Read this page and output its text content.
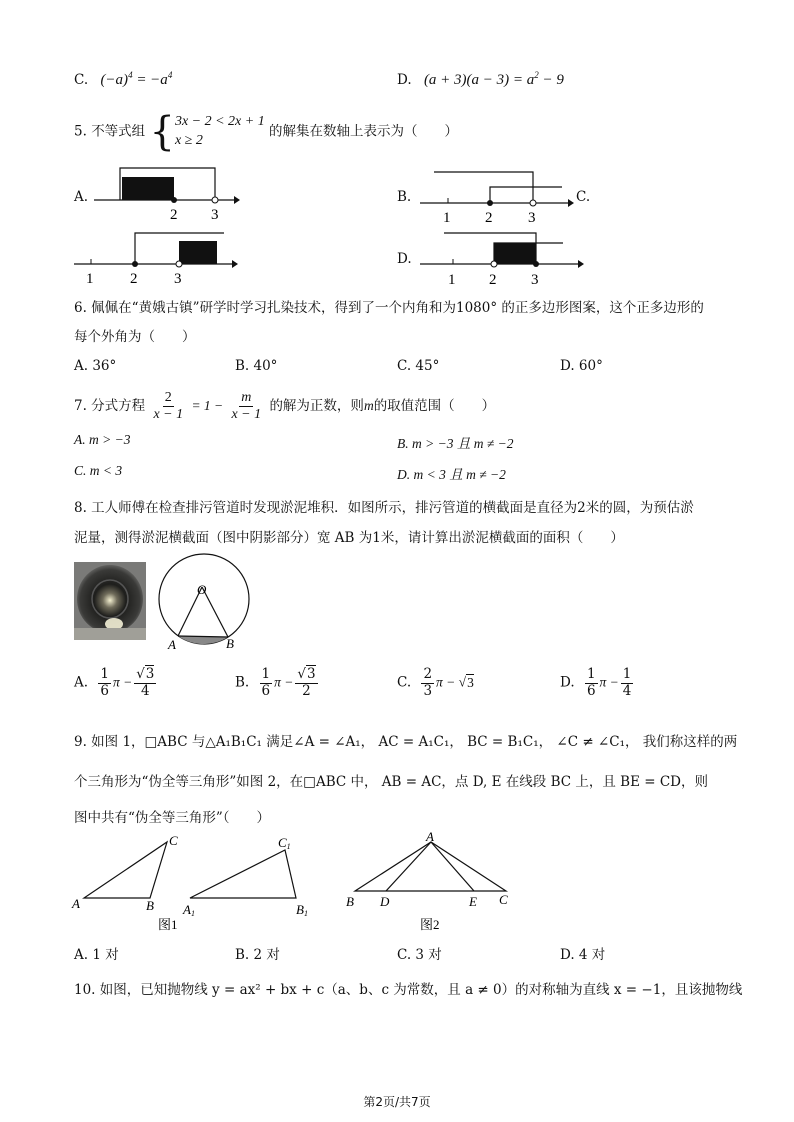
C. $(-a)^4 = -a^4$	D. $(a + 3)(a - 3) = a^2 - 9$
5. 不等式组 { 3x − 2 < 2x + 1
x ≥ 2
的解集在数轴上表示为（　　）
A.	B.	C.
D.
2 3	1 2 3
1 2 3	1 2 3
6. 佩佩在“黄娥古镇”研学时学习扎染技术，得到了一个内角和为1080° 的正多边形图案，这个正多边形的
每个外角为（　　）
A. 36°	B. 40°	C. 45°	D. 60°
7. 分式方程 $\frac{2}{x - 1} = 1 - \frac{m}{x - 1}$ 的解为正数，则m的取值范围（　　）
A. m > −3	B. m > −3 且 m ≠ −2
C. m < 3	D. m < 3 且 m ≠ −2
8. 工人师傅在检查排污管道时发现淤泥堆积．如图所示，排污管道的横截面是直径为2米的圆，为预估淤
泥量，测得淤泥横截面（图中阴影部分）宽 AB 为1米，请计算出淤泥横截面的面积（　　）
O
A	B
A. $\frac{1}{6}$ $\pi - \frac{√3}{4}$	B. $\frac{1}{6}$ $\pi - \frac{√3}{2}$	C. $\frac{2}{3}$ π − √3	D. $\frac{1}{6}$ $\pi - \frac{1}{4}$
9. 如图 1，□ABC 与△A₁B₁C₁ 满足∠A = ∠A₁， AC = A₁C₁， BC = B₁C₁， ∠C ≠ ∠C₁， 我们称这样的两
个三角形为“伪全等三角形”如图 2，在□ABC 中， AB = AC，点 D, E 在线段 BC 上，且 BE = CD，则
图中共有“伪全等三角形”（　　）
A	B
C
A1	B1
C1
图1
A
B D	E C
图2
A. 1 对	B. 2 对	C. 3 对	D. 4 对
10. 如图，已知抛物线 y = ax² + bx + c（a、b、c 为常数，且 a ≠ 0）的对称轴为直线 x = −1，且该抛物线
第2页/共7页
